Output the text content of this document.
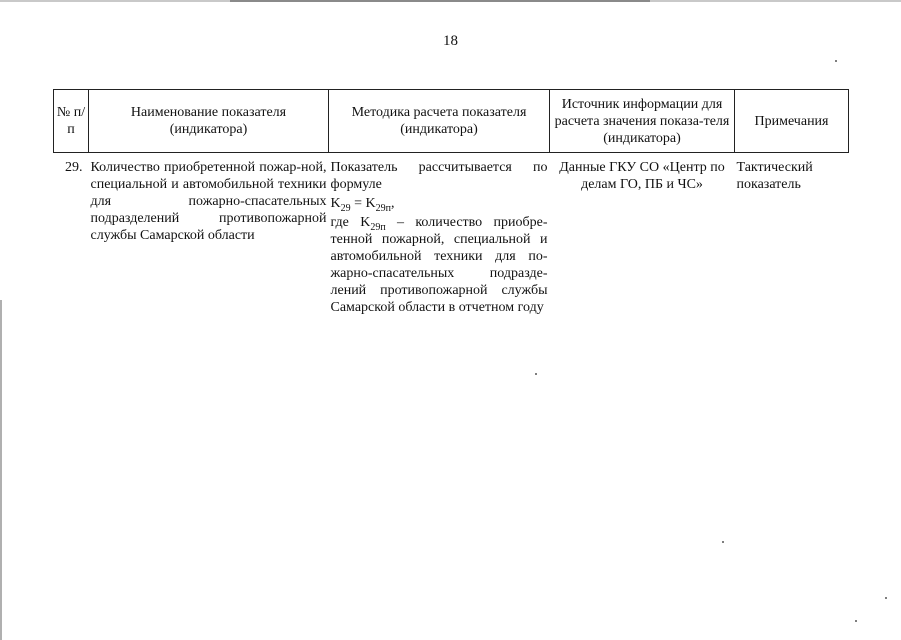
18
№ п/п	Наименование показателя (индикатора)	Методика расчета показателя (индикатора)	Источник информации для расчета значения показа-теля (индикатора)	Примечания
29.	Количество приобретенной пожар-ной, специальной и автомобильной техники для пожарно-спасательных подразделений противопожарной службы Самарской области	Показатель рассчитывается по формуле
$K_{29} = K_{29п}$,
где $K_{29п}$ – количество приобре-тенной пожарной, специальной и автомобильной техники для по-жарно-спасательных подразде-лений противопожарной службы Самарской области в отчетном году	Данные ГКУ СО «Центр по делам ГО, ПБ и ЧС»	Тактический показатель
